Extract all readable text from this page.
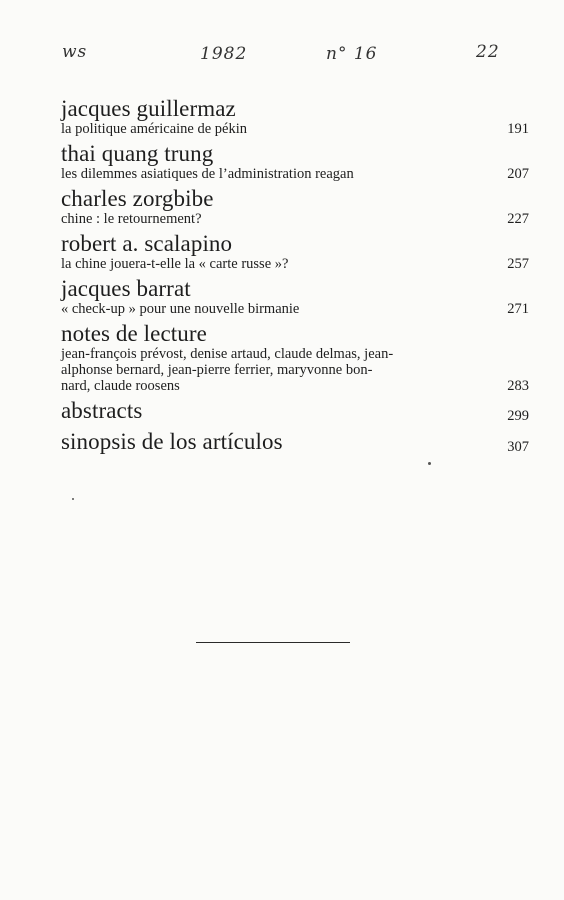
ws	1982	n° 16	22
jacques guillermaz
la politique américaine de pékin	191
thai quang trung
les dilemmes asiatiques de l’administration reagan	207
charles zorgbibe
chine : le retournement?	227
robert a. scalapino
la chine jouera-t-elle la « carte russe »?	257
jacques barrat
« check-up » pour une nouvelle birmanie	271
notes de lecture
jean-françois prévost, denise artaud, claude delmas, jean-
alphonse bernard, jean-pierre ferrier, maryvonne bon-
nard, claude roosens	283
abstracts	299
sinopsis de los artículos	307
